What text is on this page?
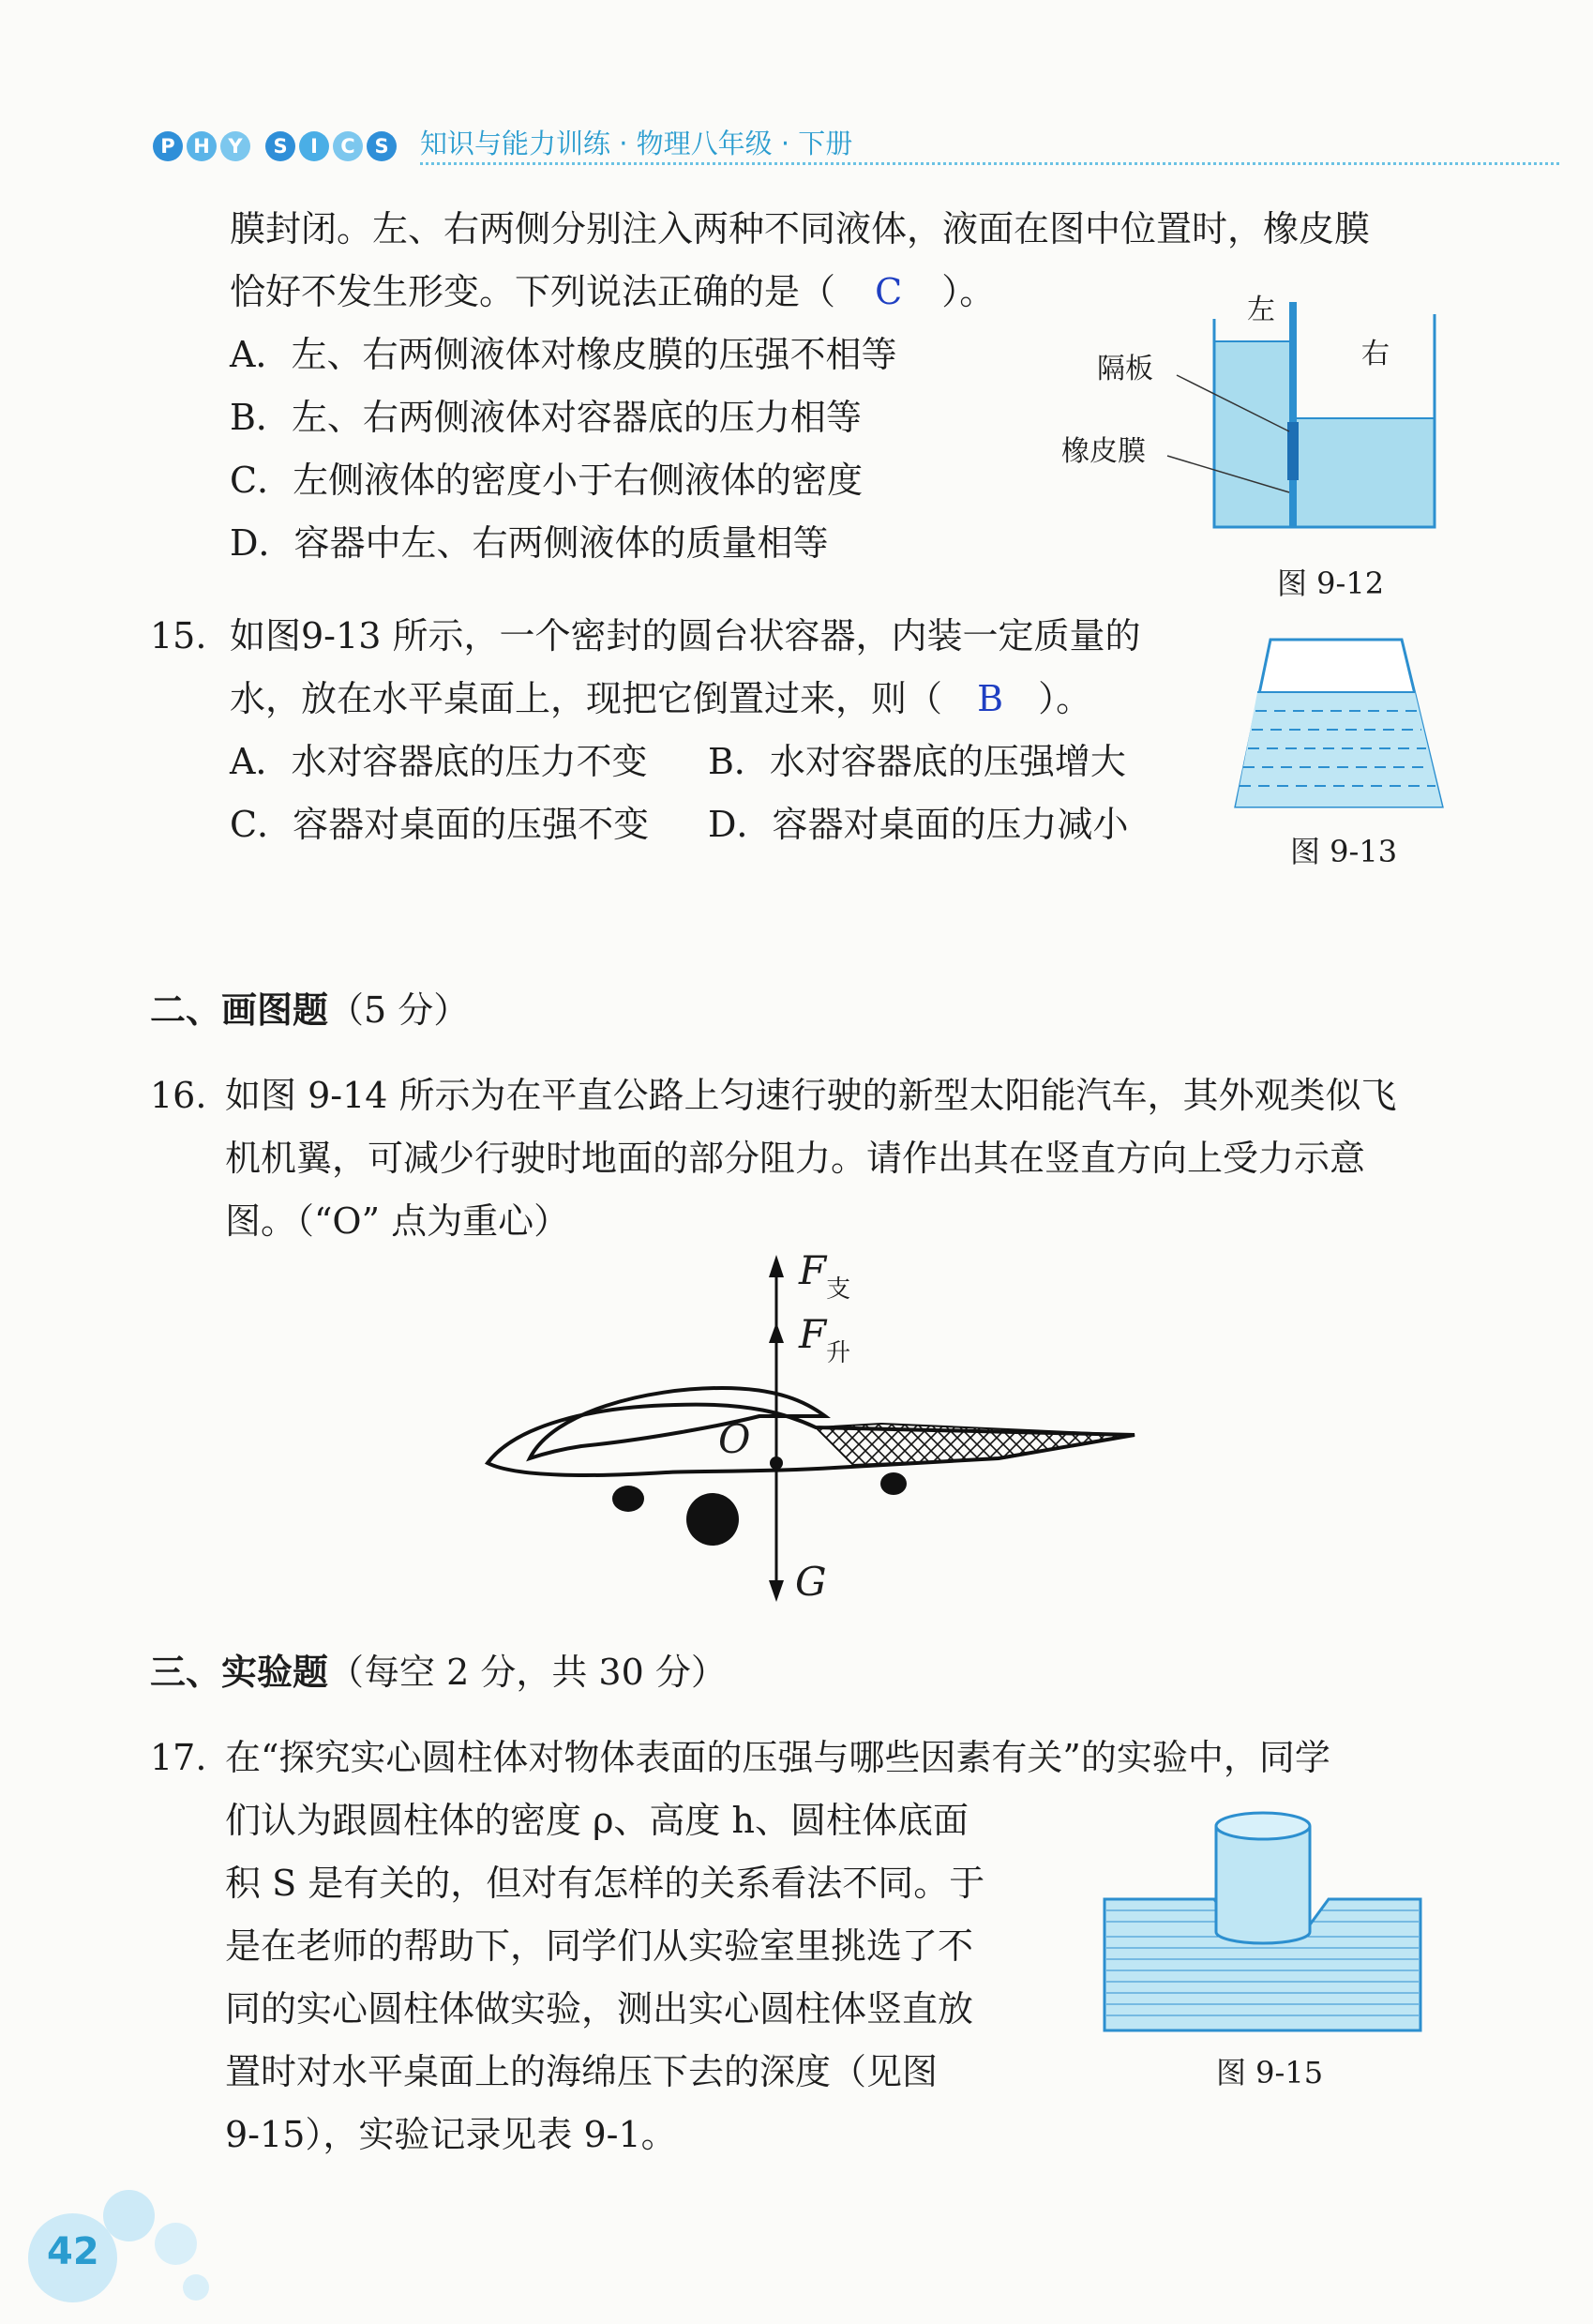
P H Y	S	I	C S 知识与能力训练 · 物理八年级 · 下册
膜封闭。左、右两侧分别注入两种不同液体，液面在图中位置时，橡皮膜
恰好不发生形变。下列说法正确的是（ C ）。
A．左、右两侧液体对橡皮膜的压强不相等
B．左、右两侧液体对容器底的压力相等
C．左侧液体的密度小于右侧液体的密度
D．容器中左、右两侧液体的质量相等
左
右
隔板
橡皮膜
图 9-12
15. 如图9-13 所示，一个密封的圆台状容器，内装一定质量的
水，放在水平桌面上，现把它倒置过来，则（ B ）。
A．水对容器底的压力不变 B．水对容器底的压强增大
C．容器对桌面的压强不变 D．容器对桌面的压力减小
图 9-13
二、画图题（5 分）
16. 如图 9-14 所示为在平直公路上匀速行驶的新型太阳能汽车，其外观类似飞
机机翼，可减少行驶时地面的部分阻力。请作出其在竖直方向上受力示意
图。（“O” 点为重心）
$F_支$
$F_升$
O
G
三、实验题（每空 2 分，共 30 分）
17. 在“探究实心圆柱体对物体表面的压强与哪些因素有关”的实验中，同学
们认为跟圆柱体的密度 ρ、高度 h、圆柱体底面
积 S 是有关的，但对有怎样的关系看法不同。于
是在老师的帮助下，同学们从实验室里挑选了不
同的实心圆柱体做实验，测出实心圆柱体竖直放
置时对水平桌面上的海绵压下去的深度（见图
9-15），实验记录见表 9-1。
图 9-15
42
